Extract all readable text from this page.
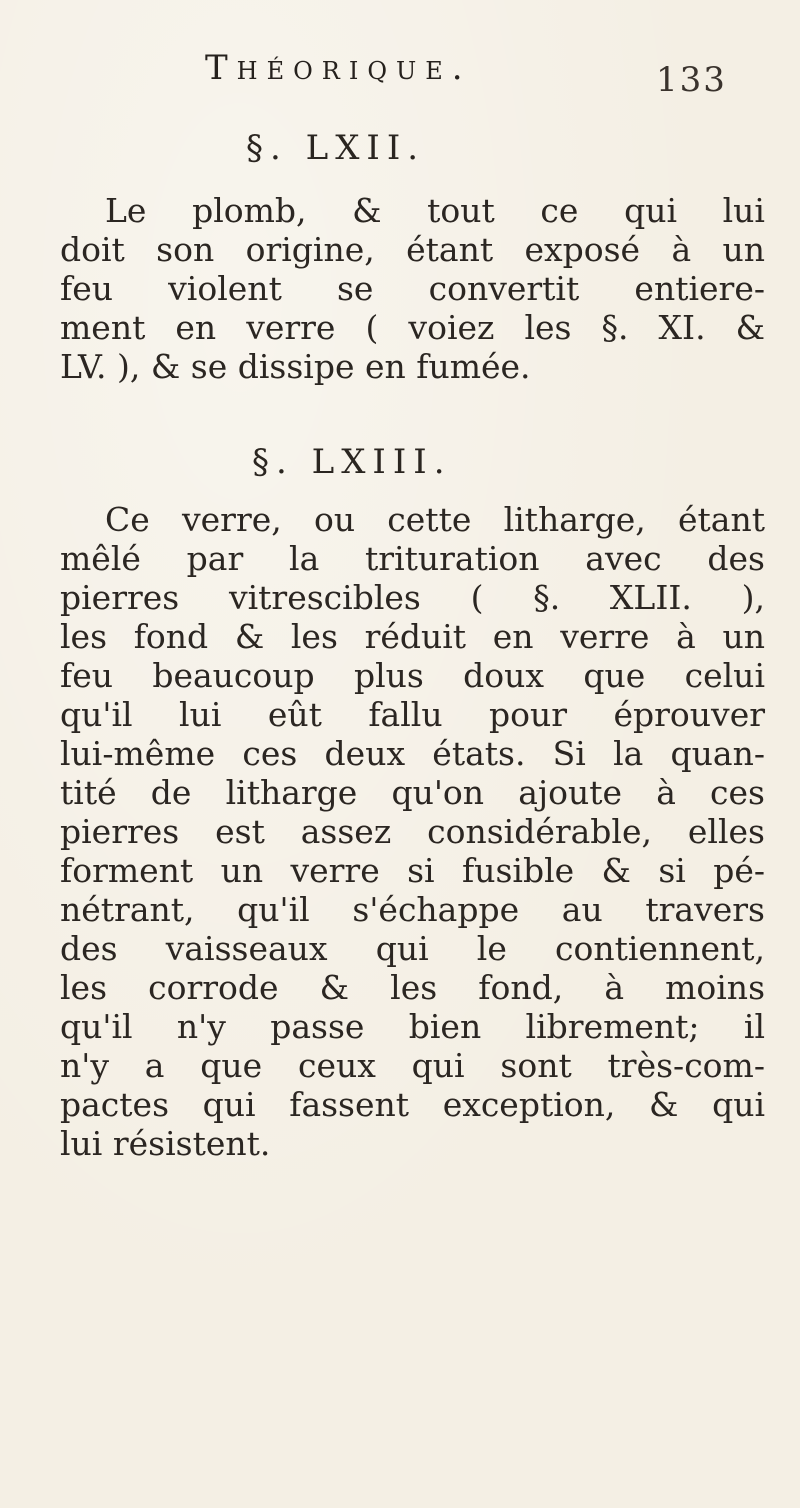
Théorique.	133
§. LXII.
Le plomb, & tout ce qui lui
doit son origine, étant exposé à un
feu violent se convertit entiere-
ment en verre ( voiez les §. XI. &
LV. ), & se dissipe en fumée.
§. LXIII.
Ce verre, ou cette litharge, étant
mêlé par la trituration avec des
pierres vitrescibles ( §. XLII. ),
les fond & les réduit en verre à un
feu beaucoup plus doux que celui
qu'il lui eût fallu pour éprouver
lui-même ces deux états. Si la quan-
tité de litharge qu'on ajoute à ces
pierres est assez considérable, elles
forment un verre si fusible & si pé-
nétrant, qu'il s'échappe au travers
des vaisseaux qui le contiennent,
les corrode & les fond, à moins
qu'il n'y passe bien librement; il
n'y a que ceux qui sont très-com-
pactes qui fassent exception, & qui
lui résistent.
